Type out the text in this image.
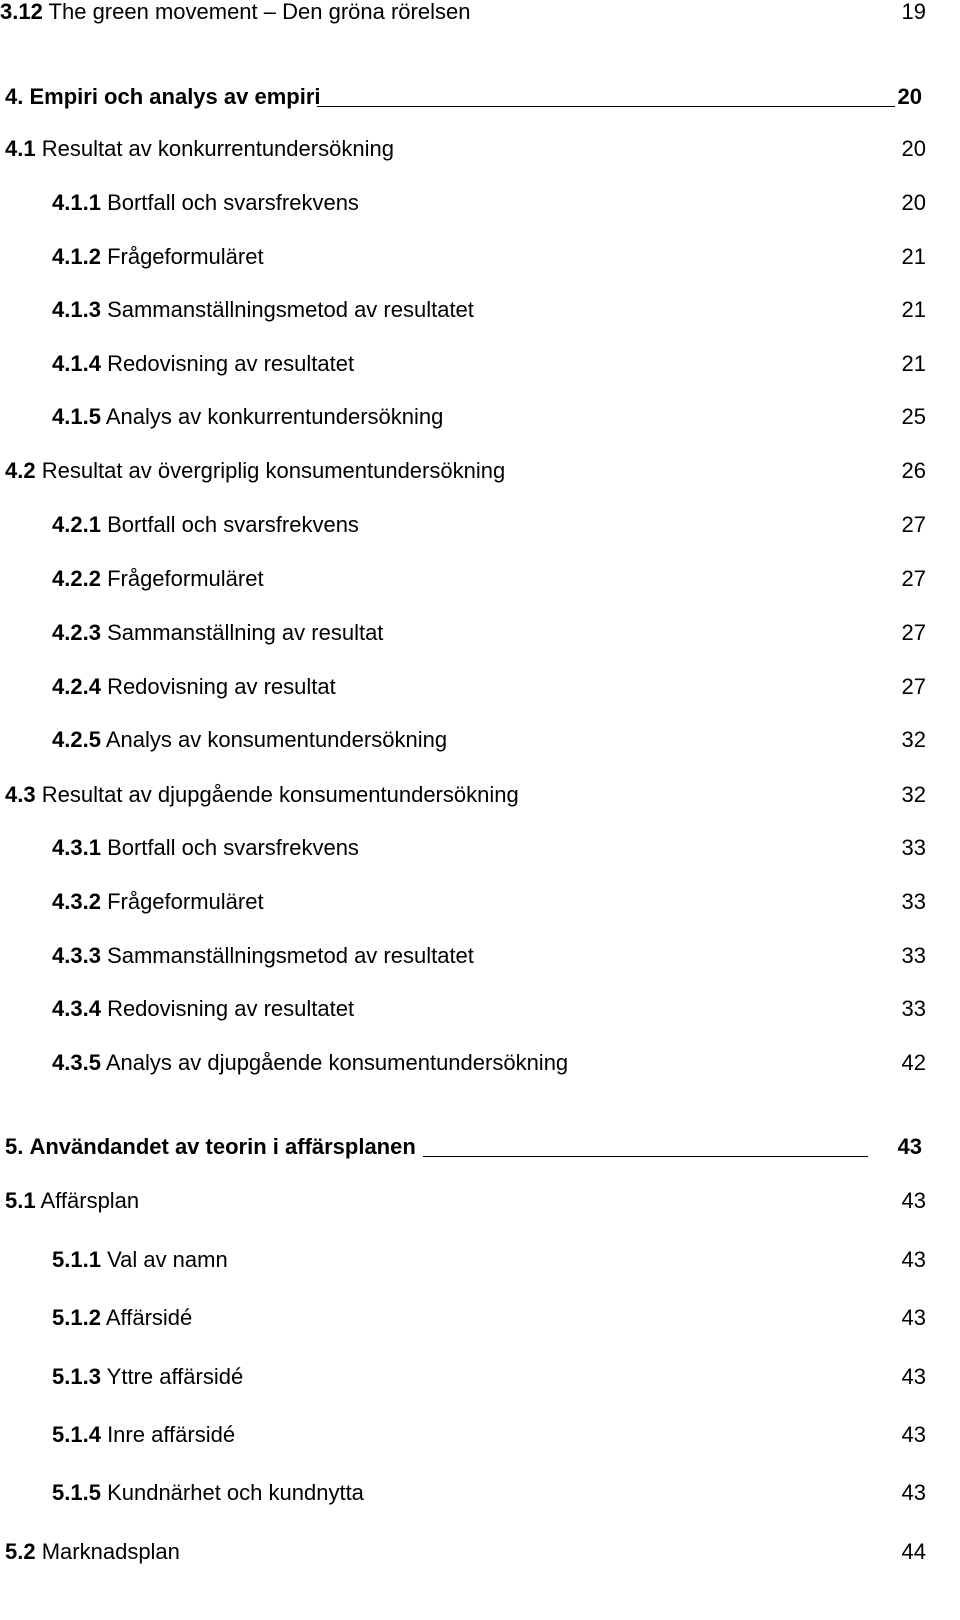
3.12 The green movement – Den gröna rörelsen	19
4. Empiri och analys av empiri	20
4.1 Resultat av konkurrentundersökning	20
4.1.1 Bortfall och svarsfrekvens	20
4.1.2 Frågeformuläret	21
4.1.3 Sammanställningsmetod av resultatet	21
4.1.4 Redovisning av resultatet	21
4.1.5 Analys av konkurrentundersökning	25
4.2 Resultat av övergriplig konsumentundersökning	26
4.2.1 Bortfall och svarsfrekvens	27
4.2.2 Frågeformuläret	27
4.2.3 Sammanställning av resultat	27
4.2.4 Redovisning av resultat	27
4.2.5 Analys av konsumentundersökning	32
4.3 Resultat av djupgående konsumentundersökning	32
4.3.1 Bortfall och svarsfrekvens	33
4.3.2 Frågeformuläret	33
4.3.3 Sammanställningsmetod av resultatet	33
4.3.4 Redovisning av resultatet	33
4.3.5 Analys av djupgående konsumentundersökning	42
5. Användandet av teorin i affärsplanen	43
5.1 Affärsplan	43
5.1.1 Val av namn	43
5.1.2 Affärsidé	43
5.1.3 Yttre affärsidé	43
5.1.4 Inre affärsidé	43
5.1.5 Kundnärhet och kundnytta	43
5.2 Marknadsplan	44
